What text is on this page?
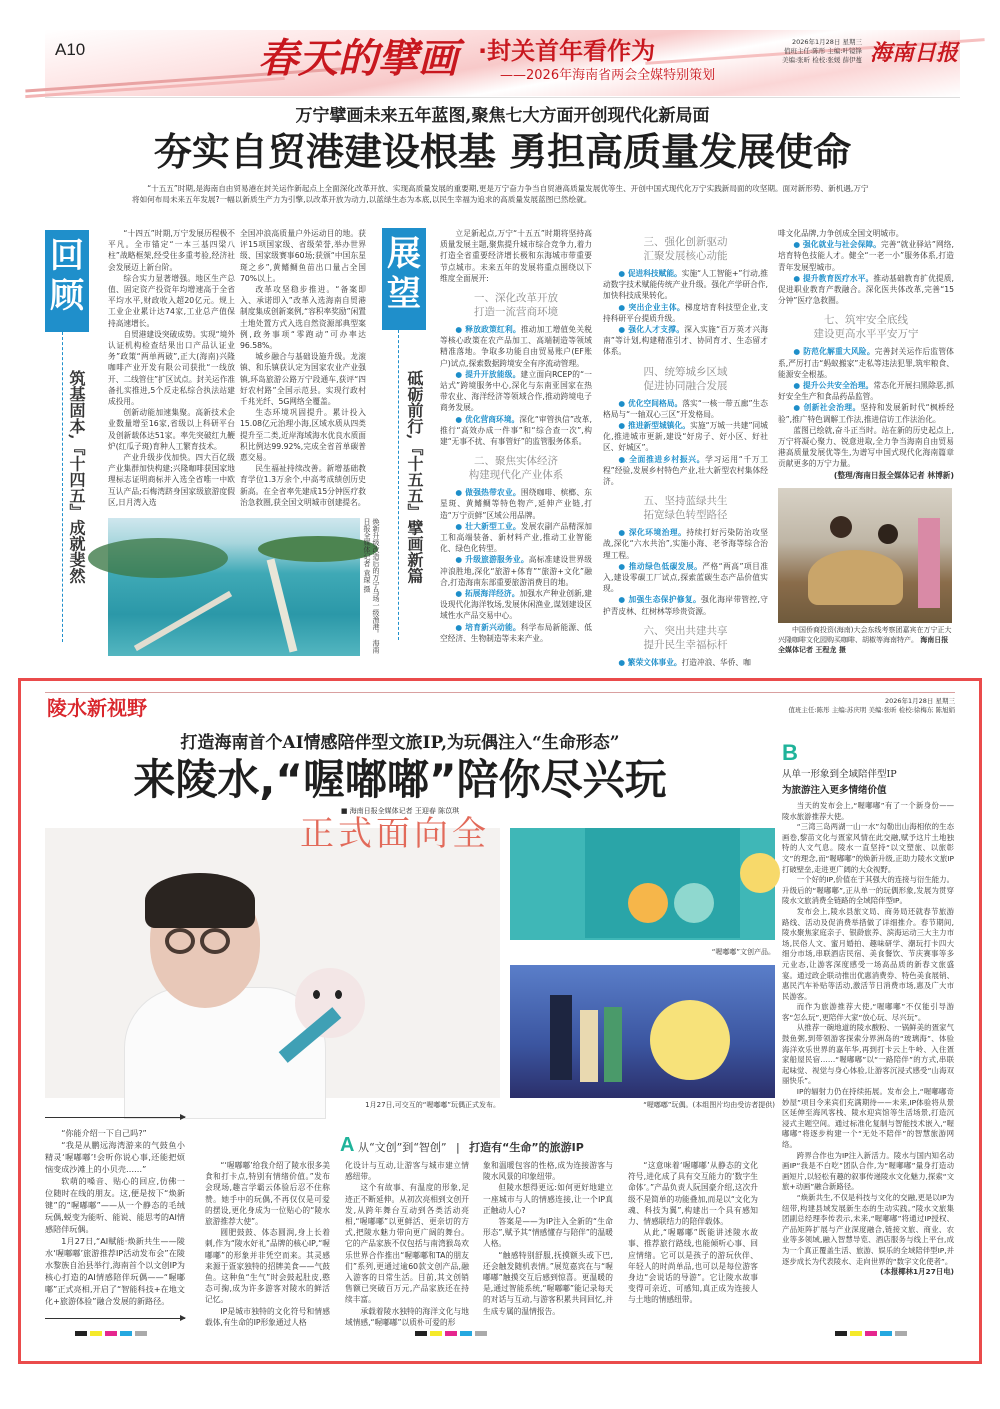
A10	春天的擘画 ·封关首年看作为
——2026年海南省两会全媒特别策划
2026年1月28日 星期三
值班主任:陈彤 主编:叶镜锋
美编:张昕 检校:张媛 薛伊蔓 海南日报
万宁擘画未来五年蓝图,聚焦七大方面开创现代化新局面
夯实自贸港建设根基 勇担高质量发展使命
“十五五”时期,是海南自由贸易港在封关运作新起点上全面深化改革开放、实现高质量发展的重要期,更是万宁奋力争当自贸港高质量发展优等生、开创中国式现代化万宁实践新局面的攻坚期。面对新形势、新机遇,万宁将如何布局未来五年发展?一幅以新质生产力为引擎,以改革开放为动力,以蓝绿生态为本底,以民生幸福为追求的高质量发展蓝图已然绘就。
回顾
筑基固本,『十四五』成就斐然

“十四五”时期,万宁发展历程极不平凡。全市锚定“一本三基四梁八柱”战略框架,经受住多重考验,经济社会发展迈上新台阶。

综合实力显著增强。地区生产总值、固定资产投资年均增速高于全省平均水平,财政收入超20亿元。规上工业企业累计达74家,工业总产值保持高速增长。

自贸港建设突破成势。实现“境外认证机构检查结果出口产品认证业务”政策“两单两破”,正大(海南)兴隆咖啡产业开发有限公司获批“一线放开、二线管住”扩区试点。封关运作准备扎实推进,5个反走私综合执法站建成投用。

创新动能加速集聚。高新技术企业数量增至16家,省级以上科研平台及创新载体达51家。率先突破红九鞭炉(红瓜子斑)育种人工繁育技术。

产业升级步伐加快。四大百亿级产业集群加快构建;兴隆咖啡获国家地理标志证明商标并入选全省唯一中欧互认产品;石梅湾跻身国家级旅游度假区,日月湾入选

全国冲浪高质量户外运动目的地。获评15项国家级、省级荣誉,举办世界级、国家级赛事60场;获颁“中国东星斑之乡”,黄鳍鲷鱼苗出口量占全国70%以上。

改革攻坚稳步推进。“备案即入、承诺即入”改革入选海南自贸港制度集成创新案例,“容积率奖励”闲置土地处置方式入选自然资源部典型案例,政务事项“零跑动”可办率达96.58%。

城乡融合与基础设施升级。龙滚镇、和乐镇获认定为国家农业产业强镇,环岛旅游公路万宁段通车,获评“四好农村路”全国示范县。实现行政村千兆光纤、5G网络全覆盖。

生态环境巩固提升。累计投入15.08亿元治理小海,区域水质从四类提升至二类,近岸海域海水优良水质面积比例达99.92%,完成全省首单碳普惠交易。

民生福祉持续改善。新增基础教育学位1.3万余个,中高考成绩创历史新高。在全省率先建成15分钟医疗救治急救圈,获全国文明城市创建提名。

焕新升级改造后的万宁乌场一级渔港。 海南日报全媒体记者 袁琛 摄
展望
砥砺前行,『十五五』擘画新篇

立足新起点,万宁“十五五”时期将坚持高质量发展主题,聚焦提升城市综合竞争力,着力打造全省重要经济增长极和东海城市带重要节点城市。未来五年的发展将重点围绕以下维度全面展开:

一、深化改革开放
打造一流营商环境

● 释放政策红利。推动加工增值免关税等核心政策在农产品加工、高端制造等领域精准落地。争取多功能自由贸易账户(EF账户)试点,探索数据跨境安全有序流动管理。

● 提升开放能级。建立面向RCEP的“一站式”跨境服务中心,深化与东南亚国家在热带农业、海洋经济等领域合作,推动跨境电子商务发展。

● 优化营商环境。深化“审管执信”改革,推行“高效办成一件事”和“综合查一次”,构建“无事不扰、有事管好”的监管服务体系。

二、聚焦实体经济
构建现代化产业体系

● 做强热带农业。围绕咖啡、槟榔、东星斑、黄鳍鲷等特色物产,延伸产业链,打造“万宁贡鲜”区域公用品牌。

● 壮大新型工业。发展农副产品精深加工和高端装备、新材料产业,推动工业智能化、绿色化转型。

● 升级旅游服务业。高标准建设世界级冲浪胜地,深化“旅游+体育”“旅游+文化”融合,打造海南东部重要旅游消费目的地。

● 拓展海洋经济。加强水产种业创新,建设现代化海洋牧场,发展休闲渔业,谋划建设区域性水产品交易中心。

● 培育新兴动能。科学布局新能源、低空经济、生物制造等未来产业。

三、强化创新驱动
汇聚发展核心动能

● 促进科技赋能。实施“人工智能+”行动,推动数字技术赋能传统产业升级。强化产学研合作,加快科技成果转化。

● 突出企业主体。梯度培育科技型企业,支持科研平台提质升级。

● 强化人才支撑。深入实施“百万英才兴海南”等计划,构建精准引才、协同育才、生态留才体系。

四、统筹城乡区域
促进协同融合发展

● 优化空间格局。落实“一核一带五廊”生态格局与“一轴双心三区”开发格局。

● 推进新型城镇化。实施“万城一共建”同城化,推进城市更新,建设“好房子、好小区、好社区、好城区”。

● 全面推进乡村振兴。学习运用“千万工程”经验,发展乡村特色产业,壮大新型农村集体经济。

五、坚持蓝绿共生
拓宽绿色转型路径

● 深化环境治理。持续打好污染防治攻坚战,深化“六水共治”,实施小海、老爷海等综合治理工程。

● 推动绿色低碳发展。严格“两高”项目准入,建设零碳工厂试点,探索蓝碳生态产品价值实现。

● 加强生态保护修复。强化海岸带管控,守护青皮林、红树林等珍贵资源。

六、突出共建共享
提升民生幸福标杆

● 繁荣文体事业。打造冲浪、华侨、咖

啡文化品牌,力争创成全国文明城市。

● 强化就业与社会保障。完善“就业驿站”网络,培育特色技能人才。健全“一老一小”服务体系,打造青年发展型城市。

● 提升教育医疗水平。推动基础教育扩优提质,促进职业教育产教融合。深化医共体改革,完善“15分钟”医疗急救圈。

七、筑牢安全底线
建设更高水平平安万宁

● 防范化解重大风险。完善封关运作后监管体系,严厉打击“蚂蚁搬家”走私等违法犯罪,筑牢粮食、能源安全根基。

● 提升公共安全治理。常态化开展扫黑除恶,抓好安全生产和食品药品监管。

● 创新社会治理。坚持和发展新时代“枫桥经验”,推广特色调解工作法,推进信访工作法治化。

蓝图已绘就,奋斗正当时。站在新的历史起点上,万宁将凝心聚力、锐意进取,全力争当海南自由贸易港高质量发展优等生,为谱写中国式现代化海南篇章贡献更多的万宁力量。

(整理/海南日报全媒体记者 林博新)

中国侨商投资(海南)大会东线考察团嘉宾在万宁正大兴隆咖啡文化园购买咖啡、胡椒等海南特产。 海南日报全媒体记者 王程龙 摄
陵水新视野	2026年1月28日 星期三
值班主任:陈彤 主编:苏庆明 美编:张昕 检校:徐梅东 陈旭娟
打造海南首个AI情感陪伴型文旅IP,为玩偶注入“生命形态”
来陵水,“喔嘟嘟”陪你尽兴玩
■ 海南日报全媒体记者 王迎春 陈苡琪
正式面向全
1月27日,可交互的“喔嘟嘟”玩偶正式发布。
“喔嘟嘟”文创产品。
“喔嘟嘟”玩偶。(本组图片均由受访者提供)

“你能介绍一下自己吗?”

“我是从鹏远海湾游来的气鼓鱼小精灵‘喔嘟嘟’!会听你说心事,还能把烦恼变成沙滩上的小贝壳……”

软萌的嗓音、贴心的回应,仿佛一位随时在线的朋友。这,便是按下“焕新键”的“喔嘟嘟”——从一个静态的毛绒玩偶,蜕变为能听、能说、能思考的AI情感陪伴玩偶。

1月27日,“AI赋能·焕新共生——陵水‘喔嘟嘟’旅游推荐IP活动发布会”在陵水黎族自治县举行,海南首个以文创IP为核心打造的AI情感陪伴玩偶——“喔嘟嘟”正式亮相,开启了“智能科技+在地文化+旅游体验”融合发展的新路径。

A 从“文创”到“智创” | 打造有“生命”的旅游IP

“‘喔嘟嘟’给我介绍了陵水很多美食和打卡点,特别有情绪价值。”发布会现场,趣言学霸云体验后忍不住称赞。她手中的玩偶,不再仅仅是可爱的摆设,更化身成为一位贴心的“陵水旅游推荐大使”。

圆肥鼓鼓、体态圆润,身上长着刺,作为“陵水好礼”品牌的核心IP,“喔嘟嘟”的形象并非凭空而来。其灵感来源于疍家独特的招牌美食——气鼓鱼。这种鱼“生气”时会鼓起肚皮,憨态可掬,成为许多游客对陵水的鲜活记忆。

IP是城市独特的文化符号和情感载体,有生命的IP形象通过人格

化设计与互动,让游客与城市建立情感纽带。

这个有故事、有温度的形象,足迹正不断延伸。从初次亮相到文创开发,从跨年舞台互动到各类活动亮相,“喔嘟嘟”以更鲜活、更亲切的方式,把陵水魅力带向更广阔的舞台。它的产品家族不仅包括与南湾猴岛欢乐世界合作推出“喔嘟嘟和TA的朋友们”系列,更通过逾60款文创产品,融入游客的日常生活。目前,其文创销售额已突破百万元,产品家族还在持续丰富。

承载着陵水独特的海洋文化与地域情感,“喔嘟嘟”以质朴可爱的形

象和温暖包容的性格,成为连接游客与陵水风景的印象纽带。

但陵水想得更远:如何更好地建立一座城市与人的情感连接,让一个IP真正触动人心?

答案是——为IP注入全新的“生命形态”,赋予其“情感懂存与陪伴”的温暖人格。

“触感特别舒服,抚摸额头或下巴,还会触发随机表情。”展览嘉宾在与“喔嘟嘟”触摸交互后感到惊喜。更温暖的是,通过智能系统,“喔嘟嘟”能记录每天的对话与互动,与游客积累共同回忆,并生成专属的温情报告。

“这意味着‘喔嘟嘟’从静态的文化符号,进化成了具有交互能力的‘数字生命体’。”产品负责人阮国豪介绍,这次升级不是简单的功能叠加,而是以“文化为魂、科技为翼”,构建出一个具有感知力、情感联结力的陪伴载体。

从此,“喔嘟嘟”既能讲述陵水故事、推荐旅行路线,也能倾听心事、回应情绪。它可以是孩子的游玩伙伴、年轻人的时尚单品,也可以是每位游客身边“会说话的导游”。它让陵水故事变得可亲近、可感知,真正成为连接人与土地的情感纽带。

B
从单一形象到全域陪伴型IP
为旅游注入更多情绪价值

当天的发布会上,“喔嘟嘟”有了一个新身份——陵水旅游推荐大使。

“三湾三岛两湖一山一水”勾勒出山海相依的生态画卷,黎苗文化与疍家风情在此交融,赋予这片土地独特的人文气息。陵水一直坚持“以文塑旅、以旅彰文”的理念,而“喔嘟嘟”的焕新升级,正助力陵水文旅IP打破壁垒,走进更广阔的大众视野。

一个好的IP,价值在于其强大的连接与衍生能力。升级后的“喔嘟嘟”,正从单一的玩偶形象,发展为贯穿陵水文旅消费全链路的全域陪伴型IP。

发布会上,陵水县旅文局、商务局还就春节旅游路线、活动及促消费举措做了详细推介。春节期间,陵水聚焦家庭亲子、银龄旅养、滨海运动三大主力市场,民俗人文、蜜月婚拍、趣味研学、潮玩打卡四大细分市场,串联酒店民宿、美食餐饮、节庆赛事等多元业态,让游客深度感受一场高品质的新春文旅盛宴。通过政企联动推出优惠消费券、特色美食展销、惠民汽车补贴等活动,激活节日消费市场,惠及广大市民游客。

而作为旅游推荐大使,“喔嘟嘟”不仅能引导游客“怎么玩”,更陪伴大家“放心玩、尽兴玩”。

从推荐一碗地道的陵水酸粉、一锅鲜美的疍家气鼓鱼粥,到带领游客探索分界洲岛的“玻璃海”、体验海洋欢乐世界的嘉年华,再到打卡云上牛岭、入住疍家船屋民宿……“喔嘟嘟”以“一路陪伴”的方式,串联起味觉、视觉与身心体验,让游客沉浸式感受“山海双丽快乐”。

IP的辐射力仍在持续拓展。发布会上,“喔嘟嘟奇妙屋”项目令来宾们充满期待——未来,IP体验将从景区延伸至海风客栈、陵水迎宾馆等生活场景,打造沉浸式主题空间。通过标准化复制与智能技术嵌入,“喔嘟嘟”将逐步构建一个“无处不陪伴”的智慧旅游网络。

跨界合作也为IP注入新活力。陵水与国内知名动画IP“我是不白吃”团队合作,为“喔嘟嘟”量身打造动画短片,以轻松有趣的叙事传递陵水文化魅力,探索“文旅+动画”融合新路径。

“焕新共生,不仅是科技与文化的交融,更是以IP为纽带,构建县域发展新生态的生动实践。”陵水文旅集团副总经理李传表示,未来,“喔嘟嘟”将通过IP授权、产品矩阵扩展与产业深度融合,链接文旅、商业、农业等多领域,融入智慧导览、酒店服务与线上平台,成为一个真正覆盖生活、旅游、娱乐的全域陪伴型IP,并逐步成长为代表陵水、走向世界的“数字文化使者”。

(本报椰林1月27日电)
